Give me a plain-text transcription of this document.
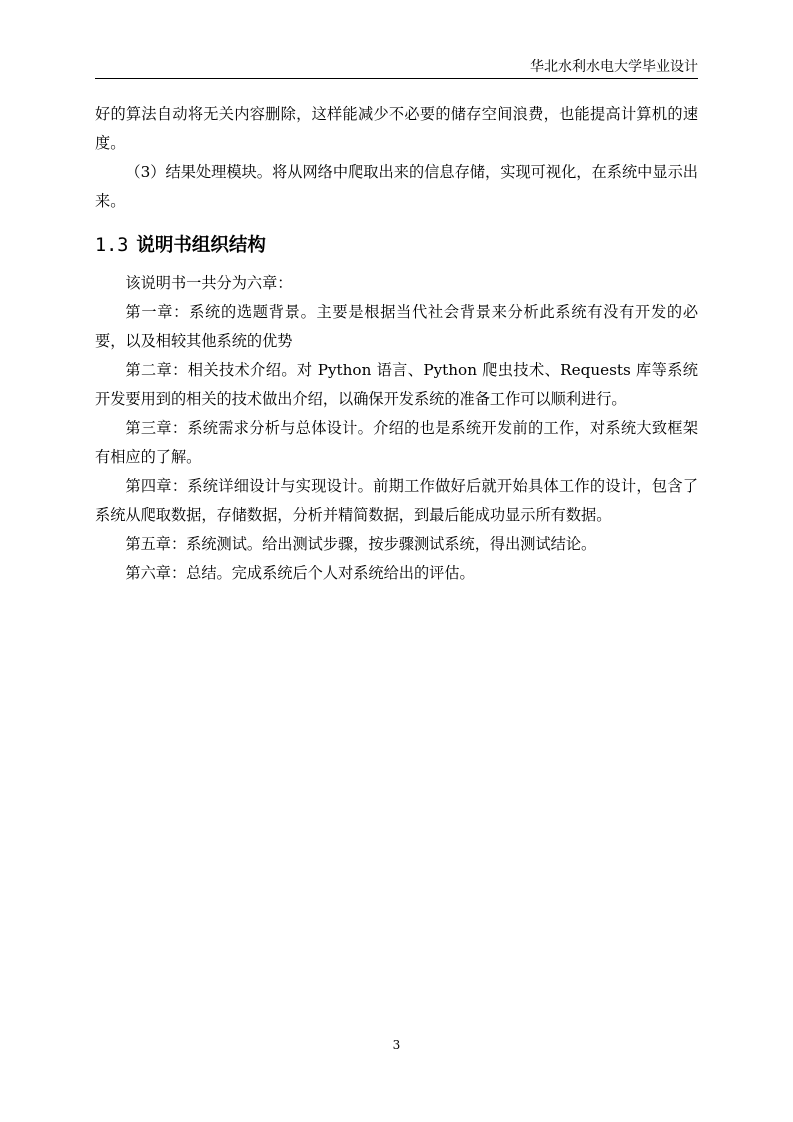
华北水利水电大学毕业设计

好的算法自动将无关内容删除，这样能减少不必要的储存空间浪费，也能提高计算机的速度。

（3）结果处理模块。将从网络中爬取出来的信息存储，实现可视化，在系统中显示出来。

1.3 说明书组织结构

该说明书一共分为六章：

第一章：系统的选题背景。主要是根据当代社会背景来分析此系统有没有开发的必要，以及相较其他系统的优势

第二章：相关技术介绍。对 Python 语言、Python 爬虫技术、Requests 库等系统开发要用到的相关的技术做出介绍，以确保开发系统的准备工作可以顺利进行。

第三章：系统需求分析与总体设计。介绍的也是系统开发前的工作，对系统大致框架有相应的了解。

第四章：系统详细设计与实现设计。前期工作做好后就开始具体工作的设计，包含了系统从爬取数据，存储数据，分析并精简数据，到最后能成功显示所有数据。

第五章：系统测试。给出测试步骤，按步骤测试系统，得出测试结论。

第六章：总结。完成系统后个人对系统给出的评估。

3
